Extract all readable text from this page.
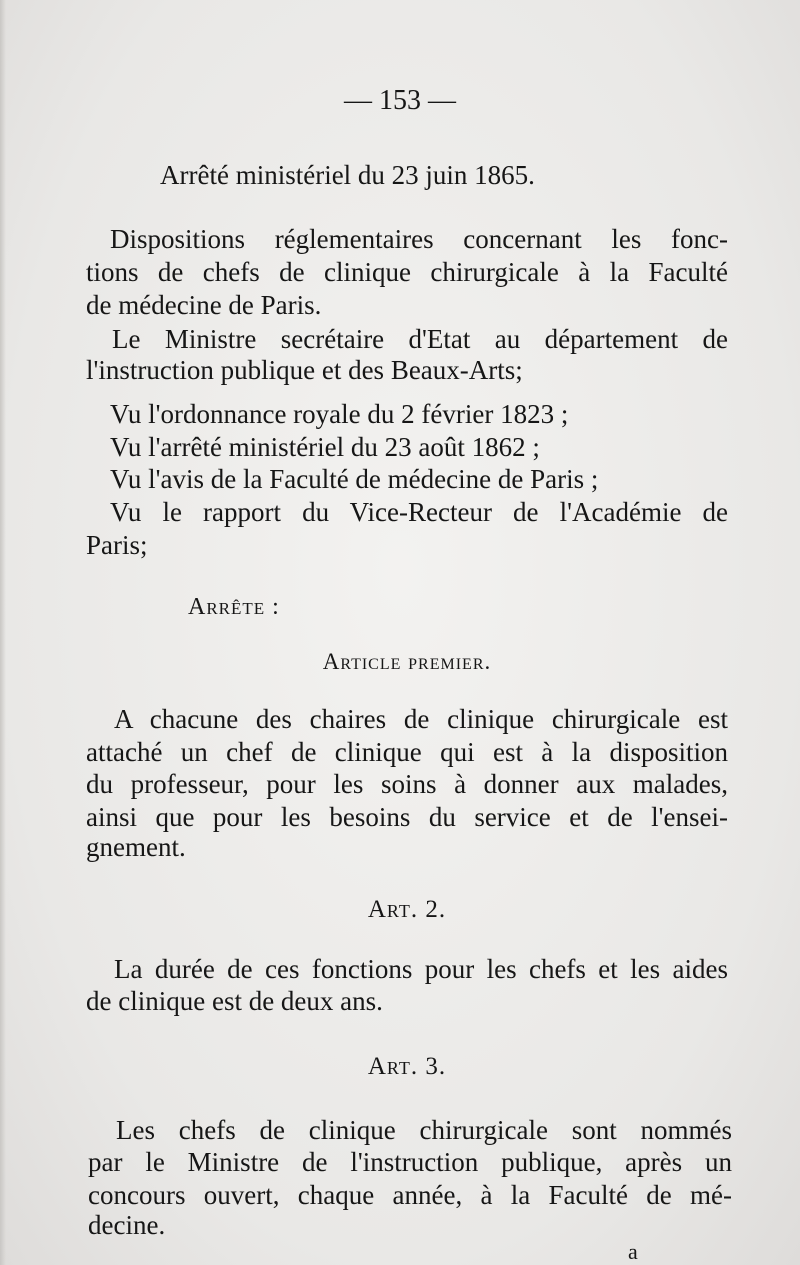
— 153 —
Arrêté ministériel du 23 juin 1865.
Dispositions réglementaires concernant les fonc-
tions de chefs de clinique chirurgicale à la Faculté
de médecine de Paris.
Le Ministre secrétaire d'Etat au département de
l'instruction publique et des Beaux-Arts;
Vu l'ordonnance royale du 2 février 1823 ;
Vu l'arrêté ministériel du 23 août 1862 ;
Vu l'avis de la Faculté de médecine de Paris ;
Vu le rapport du Vice-Recteur de l'Académie de
Paris;
Arrête :
Article premier.
A chacune des chaires de clinique chirurgicale est
attaché un chef de clinique qui est à la disposition
du professeur, pour les soins à donner aux malades,
ainsi que pour les besoins du service et de l'ensei-
gnement.
Art. 2.
La durée de ces fonctions pour les chefs et les aides
de clinique est de deux ans.
Art. 3.
Les chefs de clinique chirurgicale sont nommés
par le Ministre de l'instruction publique, après un
concours ouvert, chaque année, à la Faculté de mé-
decine.
a
